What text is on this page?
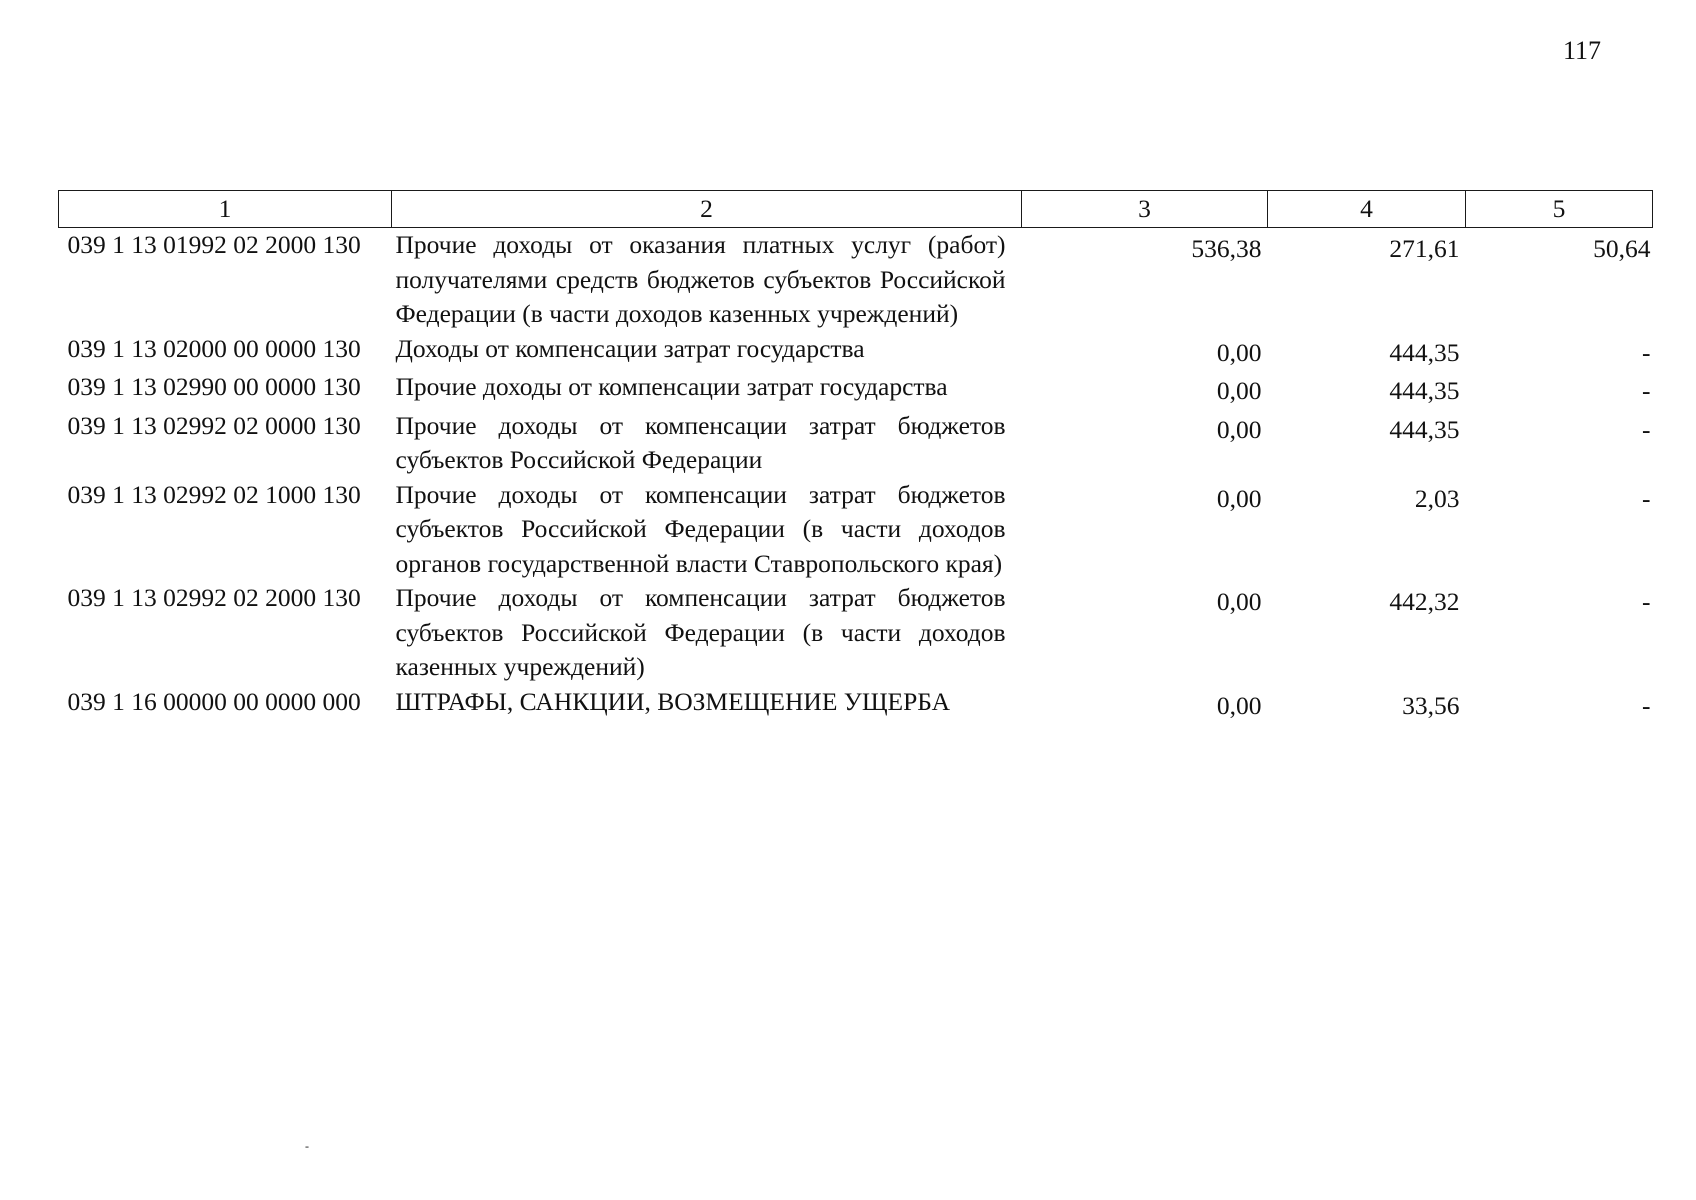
117
1	2	3	4	5
039 1 13 01992 02 2000 130	Прочие доходы от оказания платных услуг (работ) получателями средств бюджетов субъектов Российской Федерации (в части доходов казенных учреждений)	536,38	271,61	50,64
039 1 13 02000 00 0000 130	Доходы от компенсации затрат государства	0,00	444,35	-
039 1 13 02990 00 0000 130	Прочие доходы от компенсации затрат государства	0,00	444,35	-
039 1 13 02992 02 0000 130	Прочие доходы от компенсации затрат бюджетов субъектов Российской Федерации	0,00	444,35	-
039 1 13 02992 02 1000 130	Прочие доходы от компенсации затрат бюджетов субъектов Российской Федерации (в части доходов органов государственной власти Ставропольского края)	0,00	2,03	-
039 1 13 02992 02 2000 130	Прочие доходы от компенсации затрат бюджетов субъектов Российской Федерации (в части доходов казенных учреждений)	0,00	442,32	-
039 1 16 00000 00 0000 000	ШТРАФЫ, САНКЦИИ, ВОЗМЕЩЕНИЕ УЩЕРБА	0,00	33,56	-
-
